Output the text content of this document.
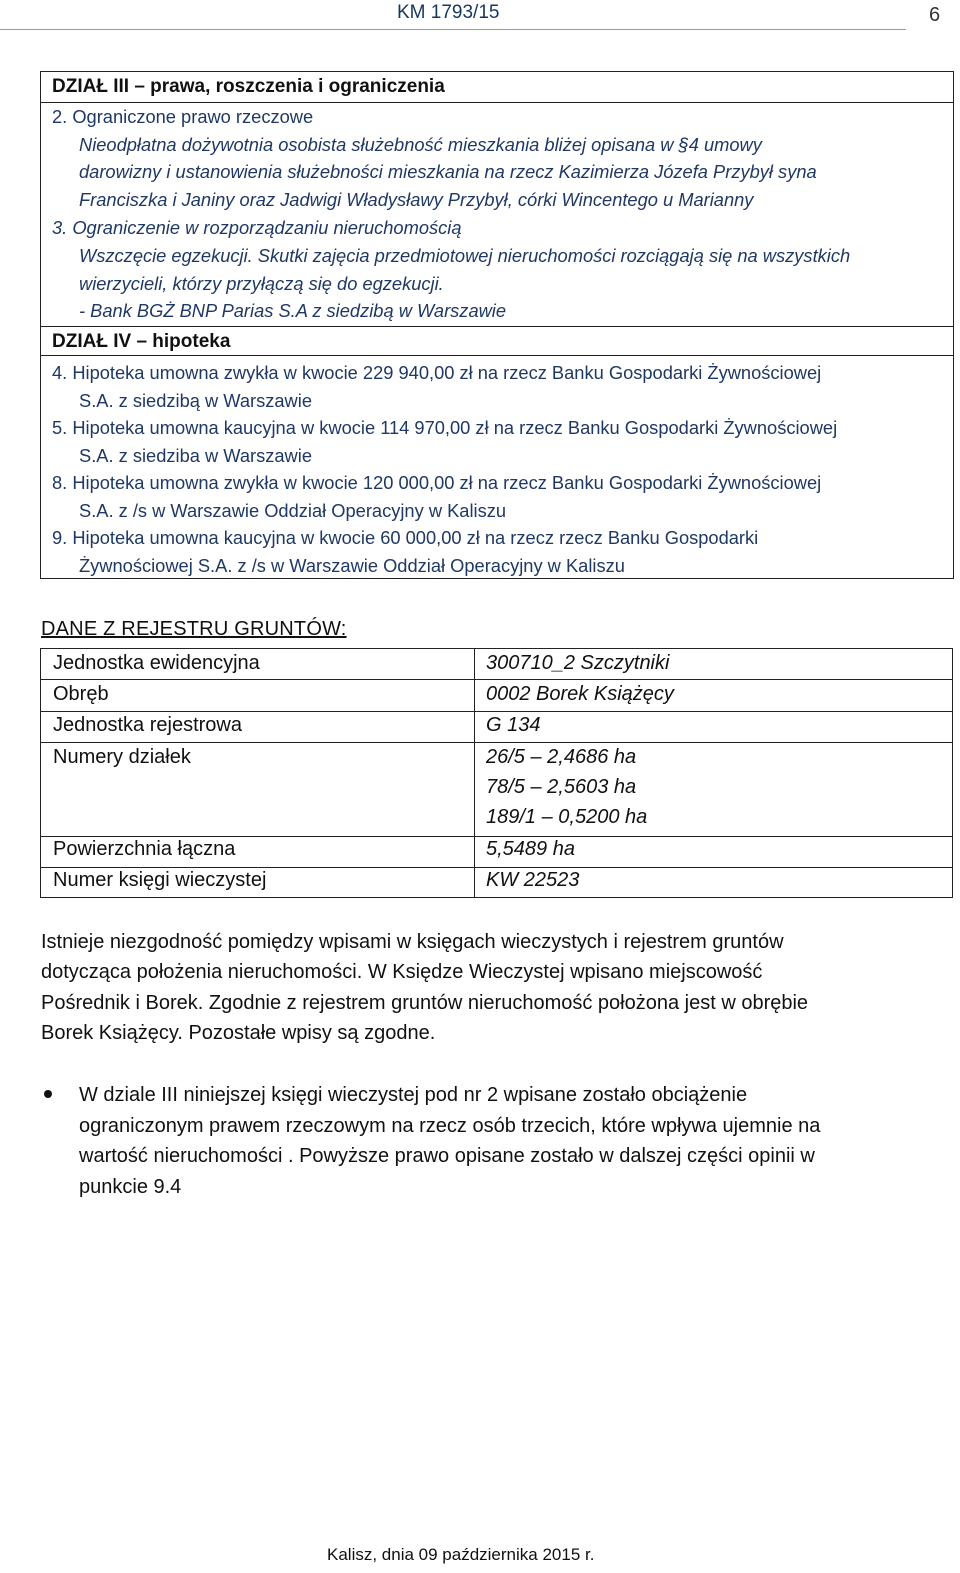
KM 1793/15	6
DZIAŁ III – prawa, roszczenia i ograniczenia
2. Ograniczone prawo rzeczowe
Nieodpłatna dożywotnia osobista służebność mieszkania bliżej opisana w §4 umowy
darowizny i ustanowienia służebności mieszkania na rzecz Kazimierza Józefa Przybył syna
Franciszka i Janiny oraz Jadwigi Władysławy Przybył, córki Wincentego u Marianny
3. Ograniczenie w rozporządzaniu nieruchomością
Wszczęcie egzekucji. Skutki zajęcia przedmiotowej nieruchomości rozciągają się na wszystkich
wierzycieli, którzy przyłączą się do egzekucji.
- Bank BGŻ BNP Parias S.A z siedzibą w Warszawie
DZIAŁ IV – hipoteka
4. Hipoteka umowna zwykła w kwocie 229 940,00 zł na rzecz Banku Gospodarki Żywnościowej
S.A. z siedzibą w Warszawie
5. Hipoteka umowna kaucyjna w kwocie 114 970,00 zł na rzecz Banku Gospodarki Żywnościowej
S.A. z siedziba w Warszawie
8. Hipoteka umowna zwykła w kwocie 120 000,00 zł na rzecz Banku Gospodarki Żywnościowej
S.A. z /s w Warszawie Oddział Operacyjny w Kaliszu
9. Hipoteka umowna kaucyjna w kwocie 60 000,00 zł na rzecz rzecz Banku Gospodarki
Żywnościowej S.A. z /s w Warszawie Oddział Operacyjny w Kaliszu
DANE Z REJESTRU GRUNTÓW:
Jednostka ewidencyjna	300710_2 Szczytniki
Obręb	0002 Borek Książęcy
Jednostka rejestrowa	G 134
Numery działek	26/5 – 2,4686 ha
78/5 – 2,5603 ha
189/1 – 0,5200 ha
Powierzchnia łączna	5,5489 ha
Numer księgi wieczystej	KW 22523
Istnieje niezgodność pomiędzy wpisami w księgach wieczystych i rejestrem gruntów
dotycząca położenia nieruchomości. W Księdze Wieczystej wpisano miejscowość
Pośrednik i Borek. Zgodnie z rejestrem gruntów nieruchomość położona jest w obrębie
Borek Książęcy. Pozostałe wpisy są zgodne.
W dziale III niniejszej księgi wieczystej pod nr 2 wpisane zostało obciążenie
ograniczonym prawem rzeczowym na rzecz osób trzecich, które wpływa ujemnie na
wartość nieruchomości . Powyższe prawo opisane zostało w dalszej części opinii w
punkcie 9.4
Kalisz, dnia 09 października 2015 r.
